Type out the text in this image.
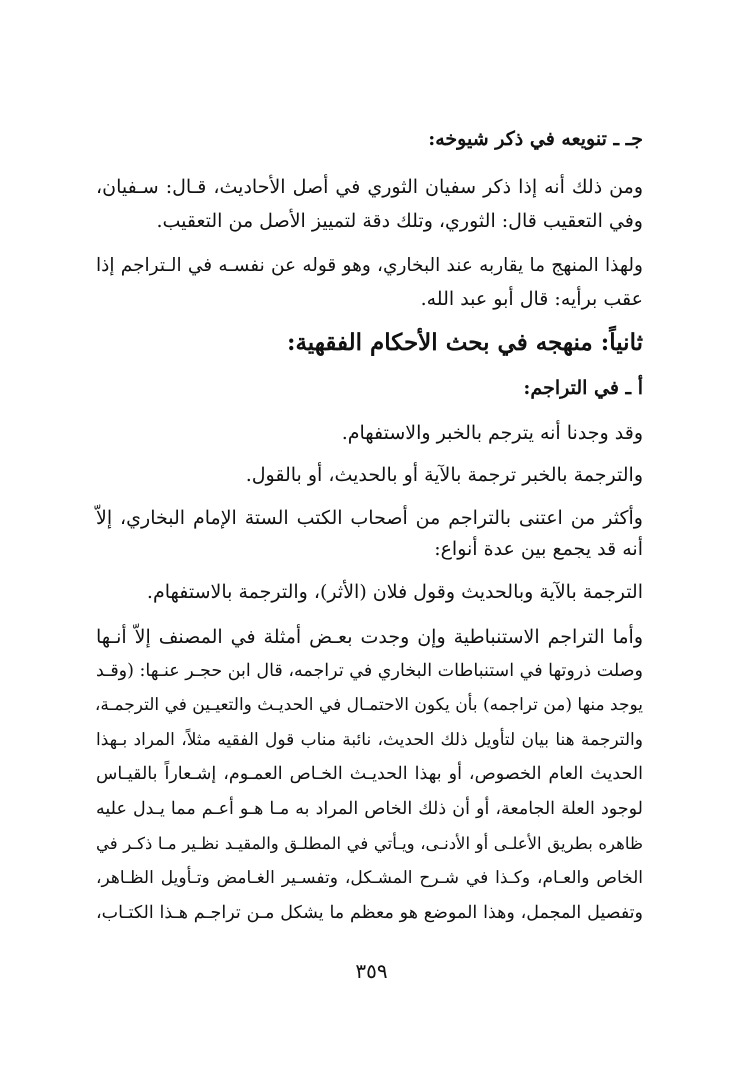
جـ ـ تنويعه في ذكر شيوخه:

ومن ذلك أنه إذا ذكر سفيان الثوري في أصل الأحاديث، قـال: سـفيان،

وفي التعقيب قال: الثوري، وتلك دقة لتمييز الأصل من التعقيب.

ولهذا المنهج ما يقاربه عند البخاري، وهو قوله عن نفسـه في الـتراجم إذا

عقب برأيه: قال أبو عبد الله.

ثانياً: منهجه في بحث الأحكام الفقهية:

أ ـ في التراجم:

وقد وجدنا أنه يترجم بالخبر والاستفهام.

والترجمة بالخبر ترجمة بالآية أو بالحديث، أو بالقول.

وأكثر من اعتنى بالتراجم من أصحاب الكتب الستة الإمام البخاري، إلاّ

أنه قد يجمع بين عدة أنواع:

الترجمة بالآية وبالحديث وقول فلان (الأثر)، والترجمة بالاستفهام.

وأما التراجم الاستنباطية وإن وجدت بعـض أمثلة في المصنف إلاّ أنـها

وصلت ذروتها في استنباطات البخاري في تراجمه، قال ابن حجـر عنـها: (وقـد

يوجد منها (من تراجمه) بأن يكون الاحتمـال في الحديـث والتعيـين في الترجمـة،

والترجمة هنا بيان لتأويل ذلك الحديث، نائبة مناب قول الفقيه مثلاً، المراد بـهذا

الحديث العام الخصوص، أو بهذا الحديـث الخـاص العمـوم، إشـعاراً بالقيـاس

لوجود العلة الجامعة، أو أن ذلك الخاص المراد به مـا هـو أعـم مما يـدل عليه

ظاهره بطريق الأعلـى أو الأدنـى، ويـأتي في المطلـق والمقيـد نظـير مـا ذكـر في

الخاص والعـام، وكـذا في شـرح المشـكل، وتفسـير الغـامض وتـأويل الظـاهر،

وتفصيل المجمل، وهذا الموضع هو معظم ما يشكل مـن تراجـم هـذا الكتـاب،

٣٥٩
